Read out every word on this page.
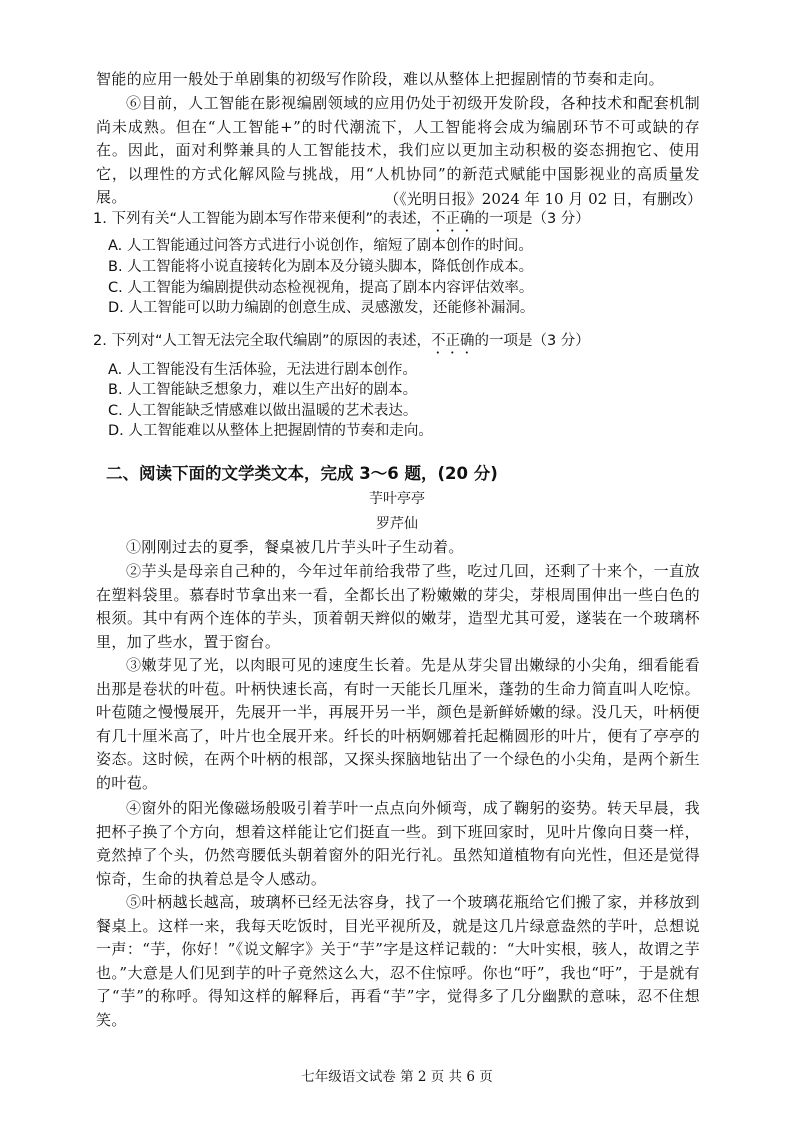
智能的应用一般处于单剧集的初级写作阶段，难以从整体上把握剧情的节奏和走向。

⑥目前，人工智能在影视编剧领域的应用仍处于初级开发阶段，各种技术和配套机制尚未成熟。但在“人工智能+”的时代潮流下，人工智能将会成为编剧环节不可或缺的存在。因此，面对利弊兼具的人工智能技术，我们应以更加主动积极的姿态拥抱它、使用它，以理性的方式化解风险与挑战，用“人机协同”的新范式赋能中国影视业的高质量发展。	（《光明日报》2024 年 10 月 02 日，有删改）

1. 下列有关“人工智能为剧本写作带来便利”的表述，不正确的一项是（3 分）

A. 人工智能通过问答方式进行小说创作，缩短了剧本创作的时间。

B. 人工智能将小说直接转化为剧本及分镜头脚本，降低创作成本。

C. 人工智能为编剧提供动态检视视角，提高了剧本内容评估效率。

D. 人工智能可以助力编剧的创意生成、灵感激发，还能修补漏洞。

2. 下列对“人工智无法完全取代编剧”的原因的表述，不正确的一项是（3 分）

A. 人工智能没有生活体验，无法进行剧本创作。

B. 人工智能缺乏想象力，难以生产出好的剧本。

C. 人工智能缺乏情感难以做出温暖的艺术表达。

D. 人工智能难以从整体上把握剧情的节奏和走向。

二、阅读下面的文学类文本，完成 3～6 题，(20 分)

芋叶亭亭

罗芹仙

①刚刚过去的夏季，餐桌被几片芋头叶子生动着。

②芋头是母亲自己种的，今年过年前给我带了些，吃过几回，还剩了十来个，一直放在塑料袋里。慕春时节拿出来一看，全都长出了粉嫩嫩的芽尖，芽根周围伸出一些白色的根须。其中有两个连体的芋头，顶着朝天辫似的嫩芽，造型尤其可爱，遂装在一个玻璃杯里，加了些水，置于窗台。

③嫩芽见了光，以肉眼可见的速度生长着。先是从芽尖冒出嫩绿的小尖角，细看能看出那是卷状的叶苞。叶柄快速长高，有时一天能长几厘米，蓬勃的生命力简直叫人吃惊。叶苞随之慢慢展开，先展开一半，再展开另一半，颜色是新鲜娇嫩的绿。没几天，叶柄便有几十厘米高了，叶片也全展开来。纤长的叶柄婀娜着托起椭圆形的叶片，便有了亭亭的姿态。这时候，在两个叶柄的根部，又探头探脑地钻出了一个绿色的小尖角，是两个新生的叶苞。

④窗外的阳光像磁场般吸引着芋叶一点点向外倾弯，成了鞠躬的姿势。转天早晨，我把杯子换了个方向，想着这样能让它们挺直一些。到下班回家时，见叶片像向日葵一样，竟然掉了个头，仍然弯腰低头朝着窗外的阳光行礼。虽然知道植物有向光性，但还是觉得惊奇，生命的执着总是令人感动。

⑤叶柄越长越高，玻璃杯已经无法容身，找了一个玻璃花瓶给它们搬了家，并移放到餐桌上。这样一来，我每天吃饭时，目光平视所及，就是这几片绿意盎然的芋叶，总想说一声：“芋，你好！”《说文解字》关于“芋”字是这样记载的：“大叶实根，骇人，故谓之芋也。”大意是人们见到芋的叶子竟然这么大，忍不住惊呼。你也“吁”，我也“吁”，于是就有了“芋”的称呼。得知这样的解释后，再看“芋”字，觉得多了几分幽默的意味，忍不住想笑。

七年级语文试卷 第 2 页 共 6 页
